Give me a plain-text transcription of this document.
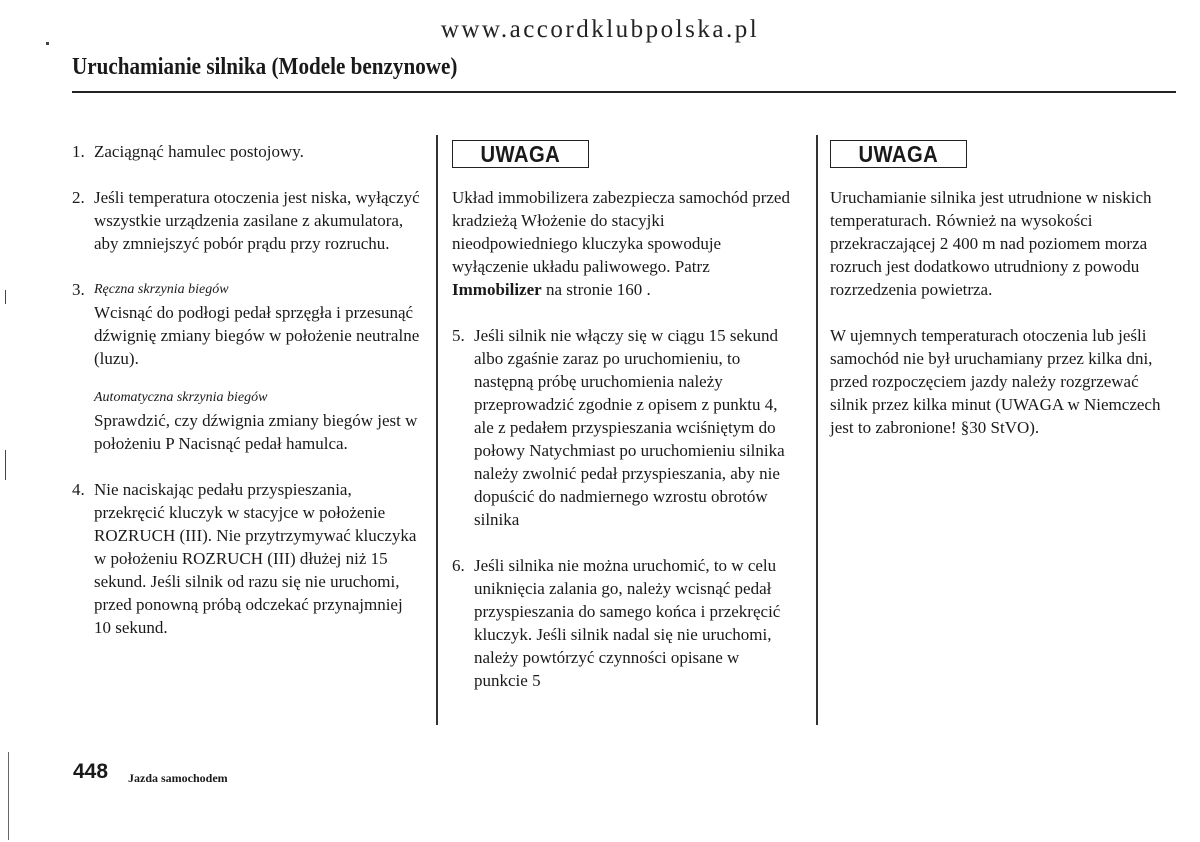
www.accordklubpolska.pl
Uruchamianie silnika (Modele benzynowe)
1. Zaciągnąć hamulec postojowy.
2. Jeśli temperatura otoczenia jest niska, wyłączyć wszystkie urządzenia zasilane z akumulatora, aby zmniejszyć pobór prądu przy rozruchu.
3. Ręczna skrzynia biegów
Wcisnąć do podłogi pedał sprzęgła i przesunąć dźwignię zmiany biegów w położenie neutralne (luzu).
Automatyczna skrzynia biegów
Sprawdzić, czy dźwignia zmiany biegów jest w położeniu P Nacisnąć pedał hamulca.
4. Nie naciskając pedału przyspieszania, przekręcić kluczyk w stacyjce w położenie ROZRUCH (III). Nie przytrzymywać kluczyka w położeniu ROZRUCH (III) dłużej niż 15 sekund. Jeśli silnik od razu się nie uruchomi, przed ponowną próbą odczekać przynajmniej 10 sekund.
UWAGA

Układ immobilizera zabezpiecza samochód przed kradzieżą Włożenie do stacyjki nieodpowiedniego kluczyka spowoduje wyłączenie układu paliwowego. Patrz Immobilizer na stronie 160 .

5. Jeśli silnik nie włączy się w ciągu 15 sekund albo zgaśnie zaraz po uruchomieniu, to następną próbę uruchomienia należy przeprowadzić zgodnie z opisem z punktu 4, ale z pedałem przyspieszania wciśniętym do połowy Natychmiast po uruchomieniu silnika należy zwolnić pedał przyspieszania, aby nie dopuścić do nadmiernego wzrostu obrotów silnika
6. Jeśli silnika nie można uruchomić, to w celu uniknięcia zalania go, należy wcisnąć pedał przyspieszania do samego końca i przekręcić kluczyk. Jeśli silnik nadal się nie uruchomi, należy powtórzyć czynności opisane w punkcie 5
UWAGA

Uruchamianie silnika jest utrudnione w niskich temperaturach. Również na wysokości przekraczającej 2 400 m nad poziomem morza rozruch jest dodatkowo utrudniony z powodu rozrzedzenia powietrza.

W ujemnych temperaturach otoczenia lub jeśli samochód nie był uruchamiany przez kilka dni, przed rozpoczęciem jazdy należy rozgrzewać silnik przez kilka minut (UWAGA w Niemczech jest to zabronione! §30 StVO).

448 Jazda samochodem
